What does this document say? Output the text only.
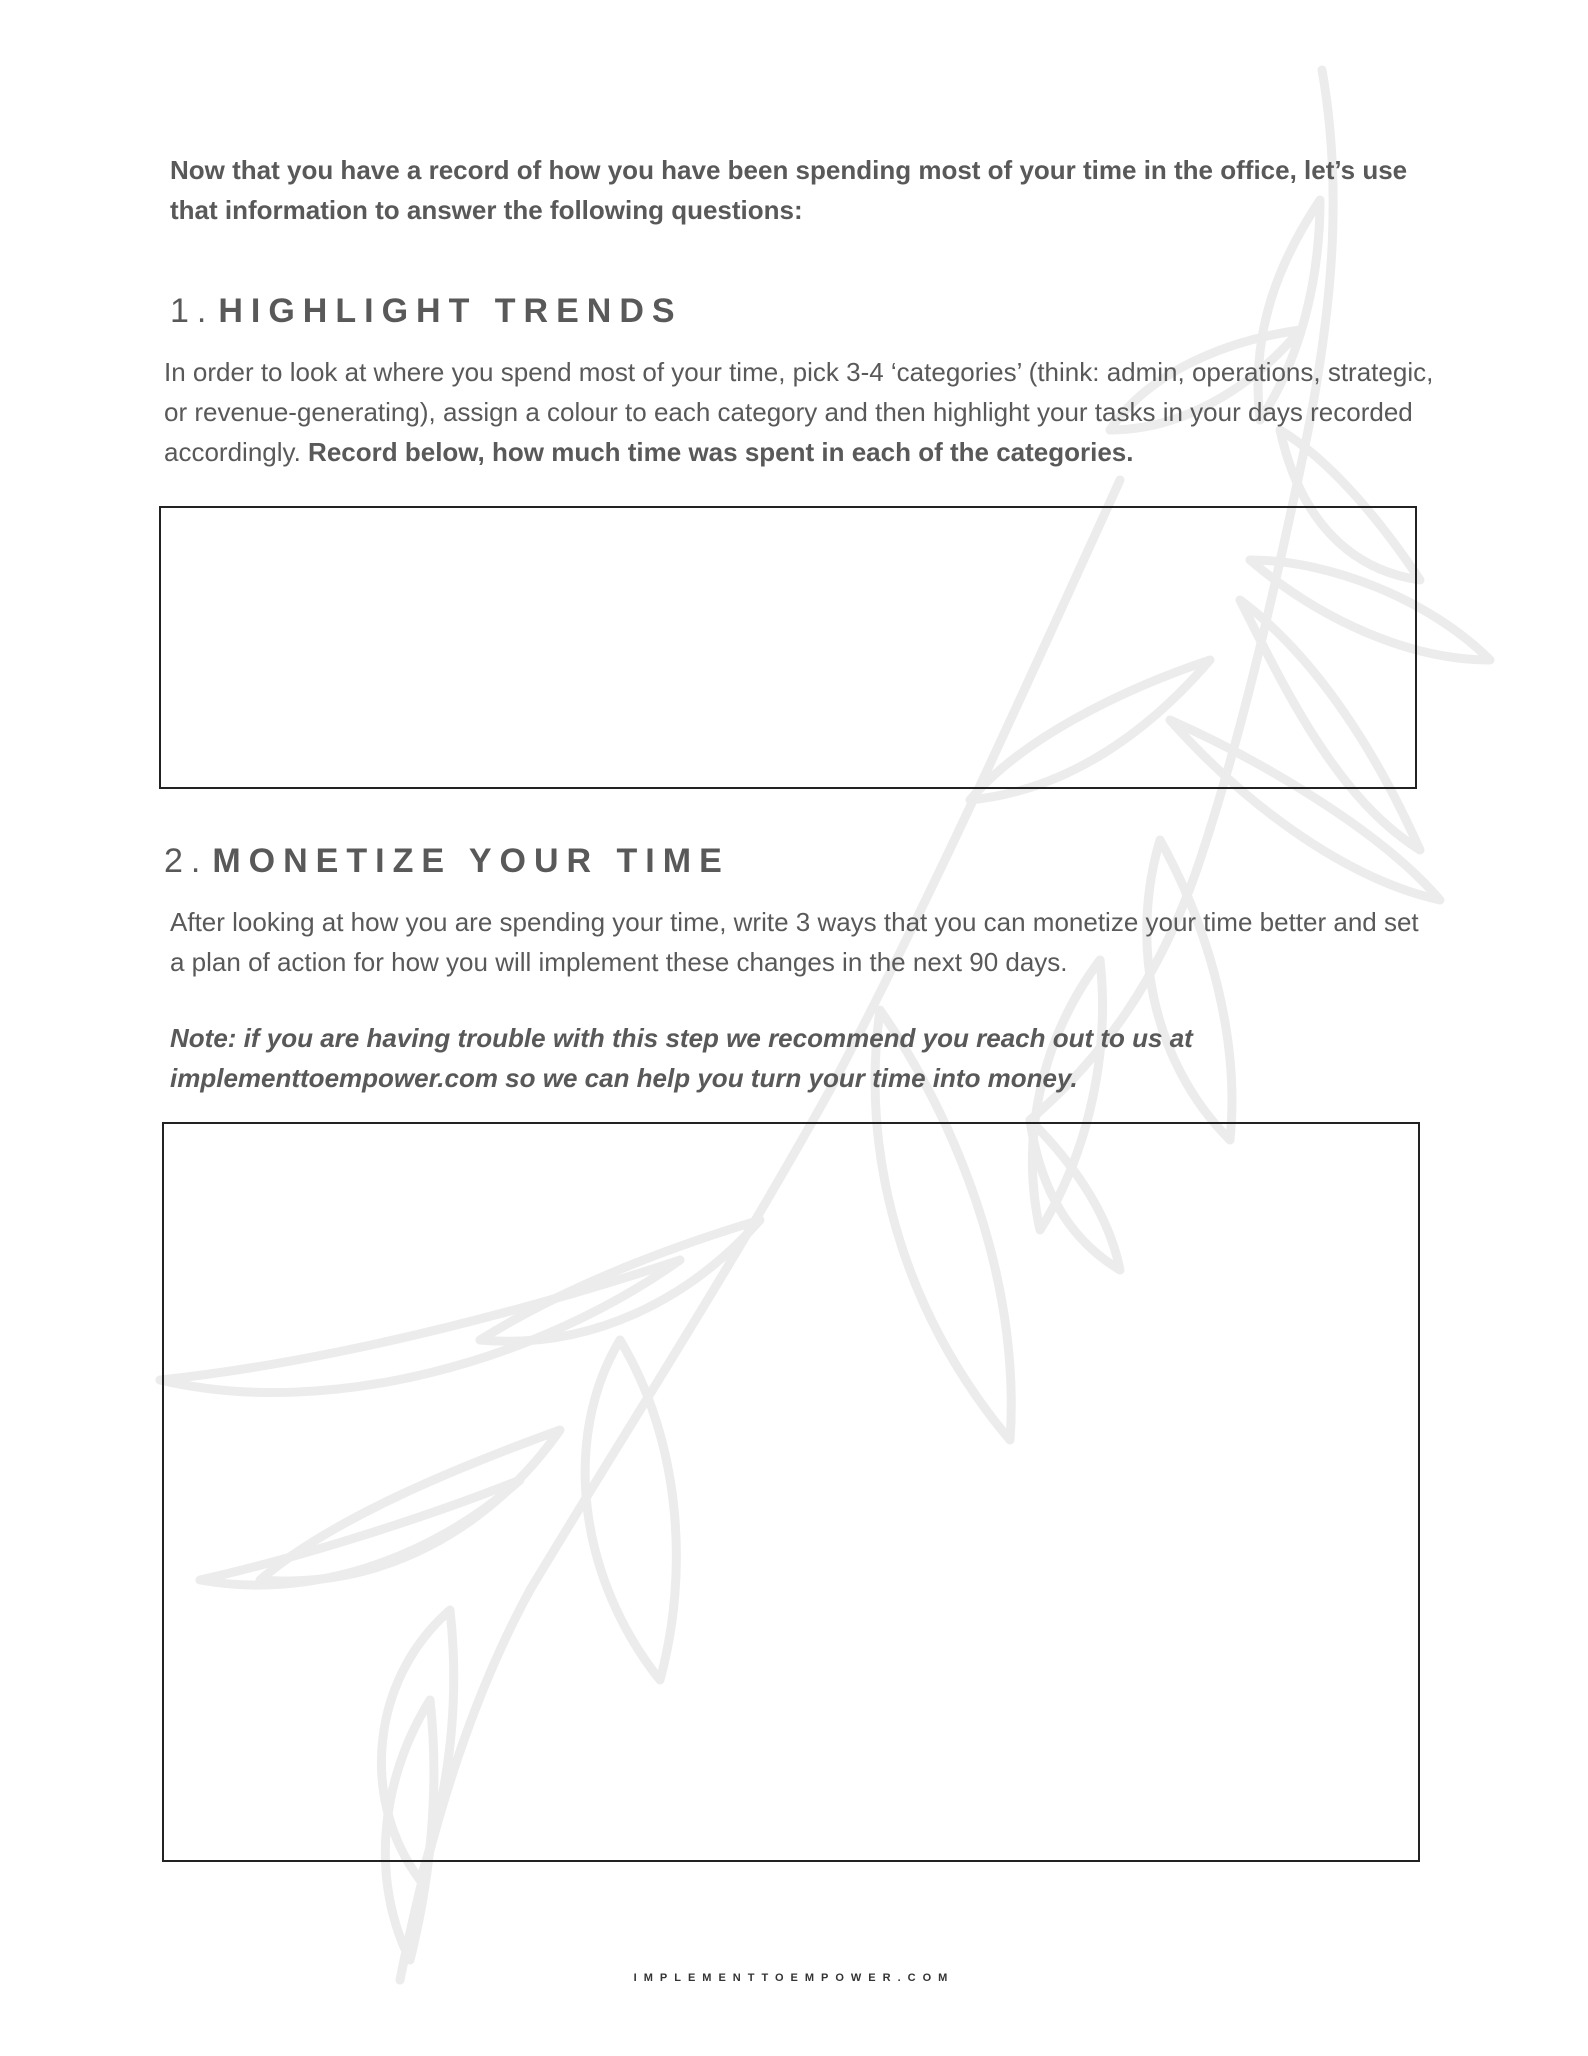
Now that you have a record of how you have been spending most of your time in the office, let’s use that information to answer the following questions:

1. HIGHLIGHT TRENDS

In order to look at where you spend most of your time, pick 3-4 ‘categories’ (think: admin, operations, strategic, or revenue-generating), assign a colour to each category and then highlight your tasks in your days recorded accordingly. Record below, how much time was spent in each of the categories.

2. MONETIZE YOUR TIME

After looking at how you are spending your time, write 3 ways that you can monetize your time better and set a plan of action for how you will implement these changes in the next 90 days.

Note: if you are having trouble with this step we recommend you reach out to us at implementtoempower.com so we can help you turn your time into money.

IMPLEMENTTOEMPOWER.COM
